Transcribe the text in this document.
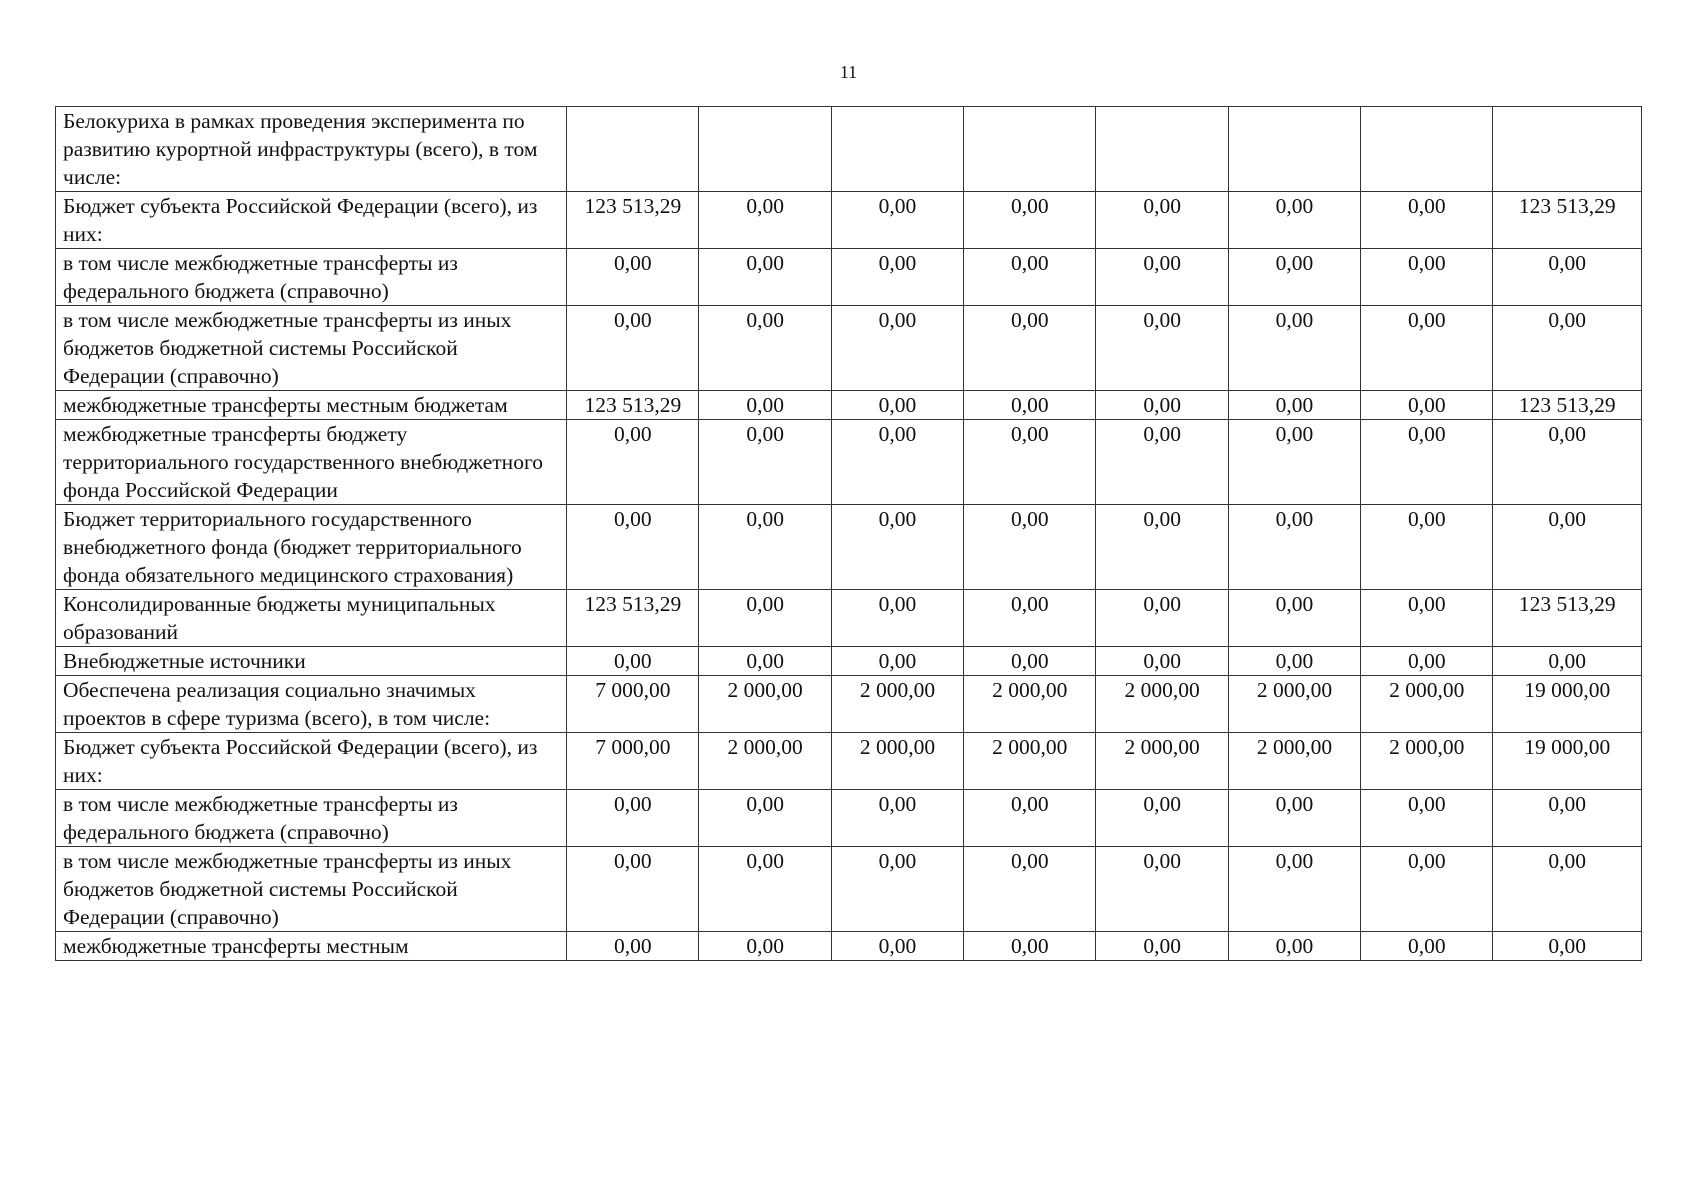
11
Белокуриха в рамках проведения эксперимента по развитию курортной инфраструктуры (всего), в том числе:								
Бюджет субъекта Российской Федерации (всего), из них:	123 513,29	0,00	0,00	0,00	0,00	0,00	0,00	123 513,29
в том числе межбюджетные трансферты из федерального бюджета (справочно)	0,00	0,00	0,00	0,00	0,00	0,00	0,00	0,00
в том числе межбюджетные трансферты из иных бюджетов бюджетной системы Российской Федерации (справочно)	0,00	0,00	0,00	0,00	0,00	0,00	0,00	0,00
межбюджетные трансферты местным бюджетам	123 513,29	0,00	0,00	0,00	0,00	0,00	0,00	123 513,29
межбюджетные трансферты бюджету территориального государственного внебюджетного фонда Российской Федерации	0,00	0,00	0,00	0,00	0,00	0,00	0,00	0,00
Бюджет территориального государственного внебюджетного фонда (бюджет территориального фонда обязательного медицинского страхования)	0,00	0,00	0,00	0,00	0,00	0,00	0,00	0,00
Консолидированные бюджеты муниципальных образований	123 513,29	0,00	0,00	0,00	0,00	0,00	0,00	123 513,29
Внебюджетные источники	0,00	0,00	0,00	0,00	0,00	0,00	0,00	0,00
Обеспечена реализация социально значимых проектов в сфере туризма (всего), в том числе:	7 000,00	2 000,00	2 000,00	2 000,00	2 000,00	2 000,00	2 000,00	19 000,00
Бюджет субъекта Российской Федерации (всего), из них:	7 000,00	2 000,00	2 000,00	2 000,00	2 000,00	2 000,00	2 000,00	19 000,00
в том числе межбюджетные трансферты из федерального бюджета (справочно)	0,00	0,00	0,00	0,00	0,00	0,00	0,00	0,00
в том числе межбюджетные трансферты из иных бюджетов бюджетной системы Российской Федерации (справочно)	0,00	0,00	0,00	0,00	0,00	0,00	0,00	0,00
межбюджетные трансферты местным	0,00	0,00	0,00	0,00	0,00	0,00	0,00	0,00
